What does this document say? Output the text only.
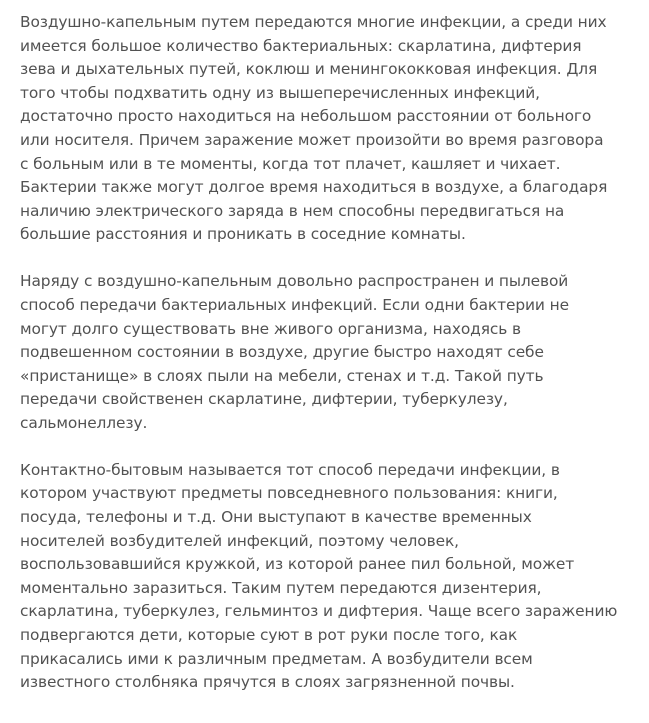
Воздушно-капельным путем передаются многие инфекции, а среди них
имеется большое количество бактериальных: скарлатина, дифтерия
зева и дыхательных путей, коклюш и менингококковая инфекция. Для
того чтобы подхватить одну из вышеперечисленных инфекций,
достаточно просто находиться на небольшом расстоянии от больного
или носителя. Причем заражение может произойти во время разговора
с больным или в те моменты, когда тот плачет, кашляет и чихает.
Бактерии также могут долгое время находиться в воздухе, а благодаря
наличию электрического заряда в нем способны передвигаться на
большие расстояния и проникать в соседние комнаты.

Наряду с воздушно-капельным довольно распространен и пылевой
способ передачи бактериальных инфекций. Если одни бактерии не
могут долго существовать вне живого организма, находясь в
подвешенном состоянии в воздухе, другие быстро находят себе
«пристанище» в слоях пыли на мебели, стенах и т.д. Такой путь
передачи свойственен скарлатине, дифтерии, туберкулезу,
сальмонеллезу.

Контактно-бытовым называется тот способ передачи инфекции, в
котором участвуют предметы повседневного пользования: книги,
посуда, телефоны и т.д. Они выступают в качестве временных
носителей возбудителей инфекций, поэтому человек,
воспользовавшийся кружкой, из которой ранее пил больной, может
моментально заразиться. Таким путем передаются дизентерия,
скарлатина, туберкулез, гельминтоз и дифтерия. Чаще всего заражению
подвергаются дети, которые суют в рот руки после того, как
прикасались ими к различным предметам. А возбудители всем
известного столбняка прячутся в слоях загрязненной почвы.
